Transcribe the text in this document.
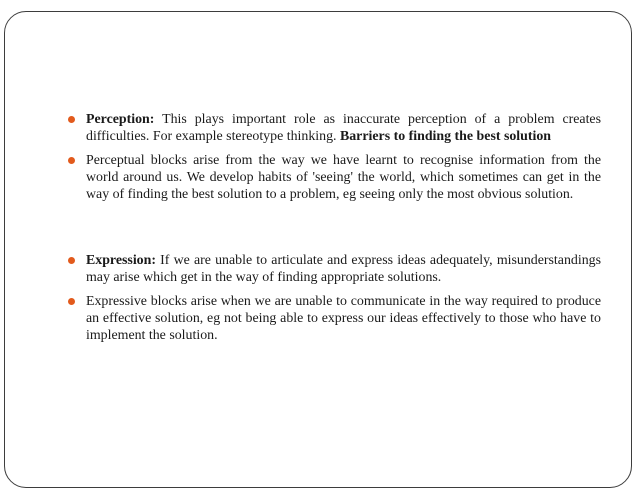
Perception: This plays important role as inaccurate perception of a problem creates difficulties. For example stereotype thinking. Barriers to finding the best solution
Perceptual blocks arise from the way we have learnt to recognise information from the world around us. We develop habits of 'seeing' the world, which sometimes can get in the way of finding the best solution to a problem, eg seeing only the most obvious solution.
Expression: If we are unable to articulate and express ideas adequately, misunderstandings may arise which get in the way of finding appropriate solutions.
Expressive blocks arise when we are unable to communicate in the way required to produce an effective solution, eg not being able to express our ideas effectively to those who have to implement the solution.
